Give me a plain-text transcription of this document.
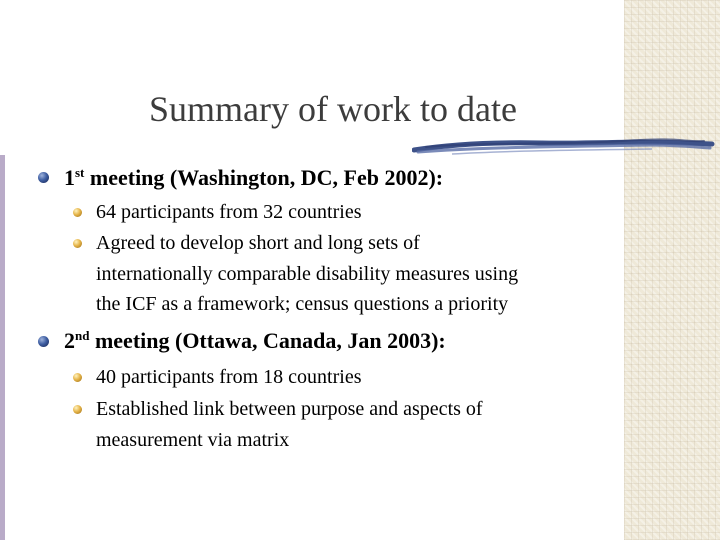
Summary of work to date
1st meeting (Washington, DC, Feb 2002):
64 participants from 32 countries
Agreed to develop short and long sets of
internationally comparable disability measures using
the ICF as a framework; census questions a priority
2nd meeting (Ottawa, Canada, Jan 2003):
40 participants from 18 countries
Established link between purpose and aspects of
measurement via matrix
